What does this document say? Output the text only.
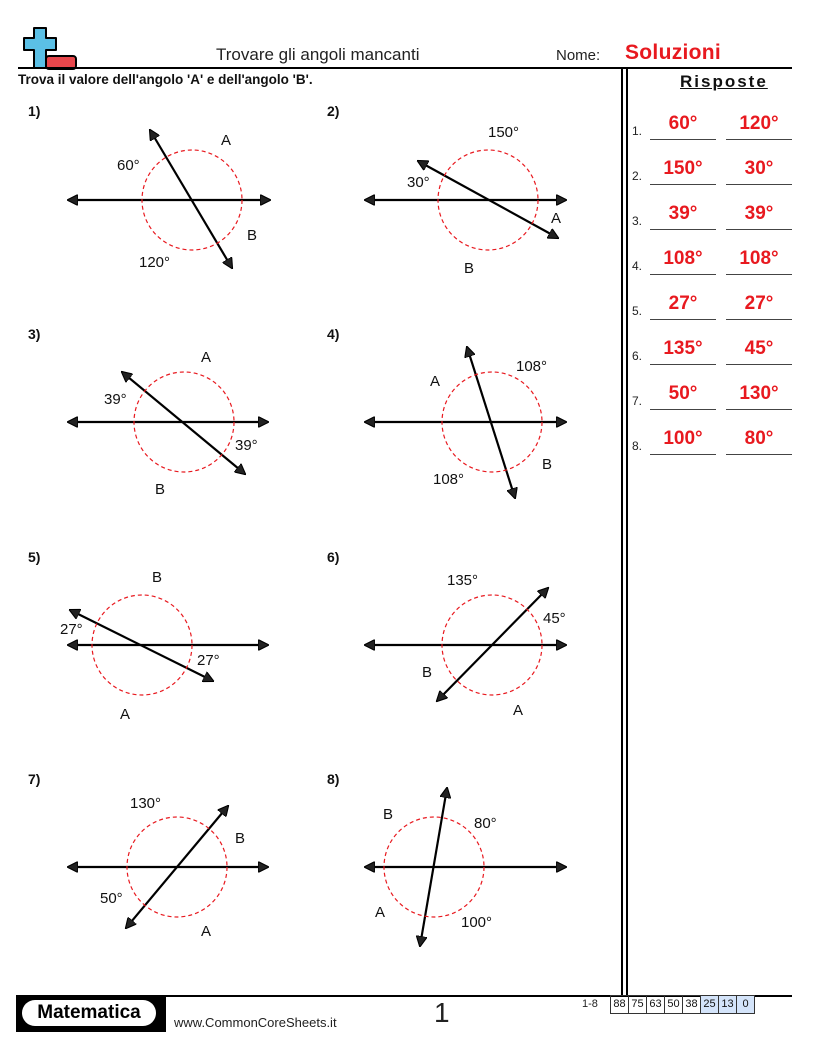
Trovare gli angoli mancanti	Nome: Soluzioni
Trova il valore dell'angolo 'A' e dell'angolo 'B'.	Risposte
1.	60°	120°
2.	150°	30°
3.	39°	39°
4.	108°	108°
5.	27°	27°
6.	135°	45°
7.	50°	130°
8.	100°	80°
1)	2)
3)	4)
5)	6)
7)	8)
60°
A
B
120°
150°
30°
A
B
39°
A
39°
B
108°
A
B
108°
27°
B
27°
A
135°
45°
B
A
130°
B
50°
A
B
80°
A
100°
Matematica	www.CommonCoreSheets.it	1	1-8	88 75 63 50 38 25 13 0
